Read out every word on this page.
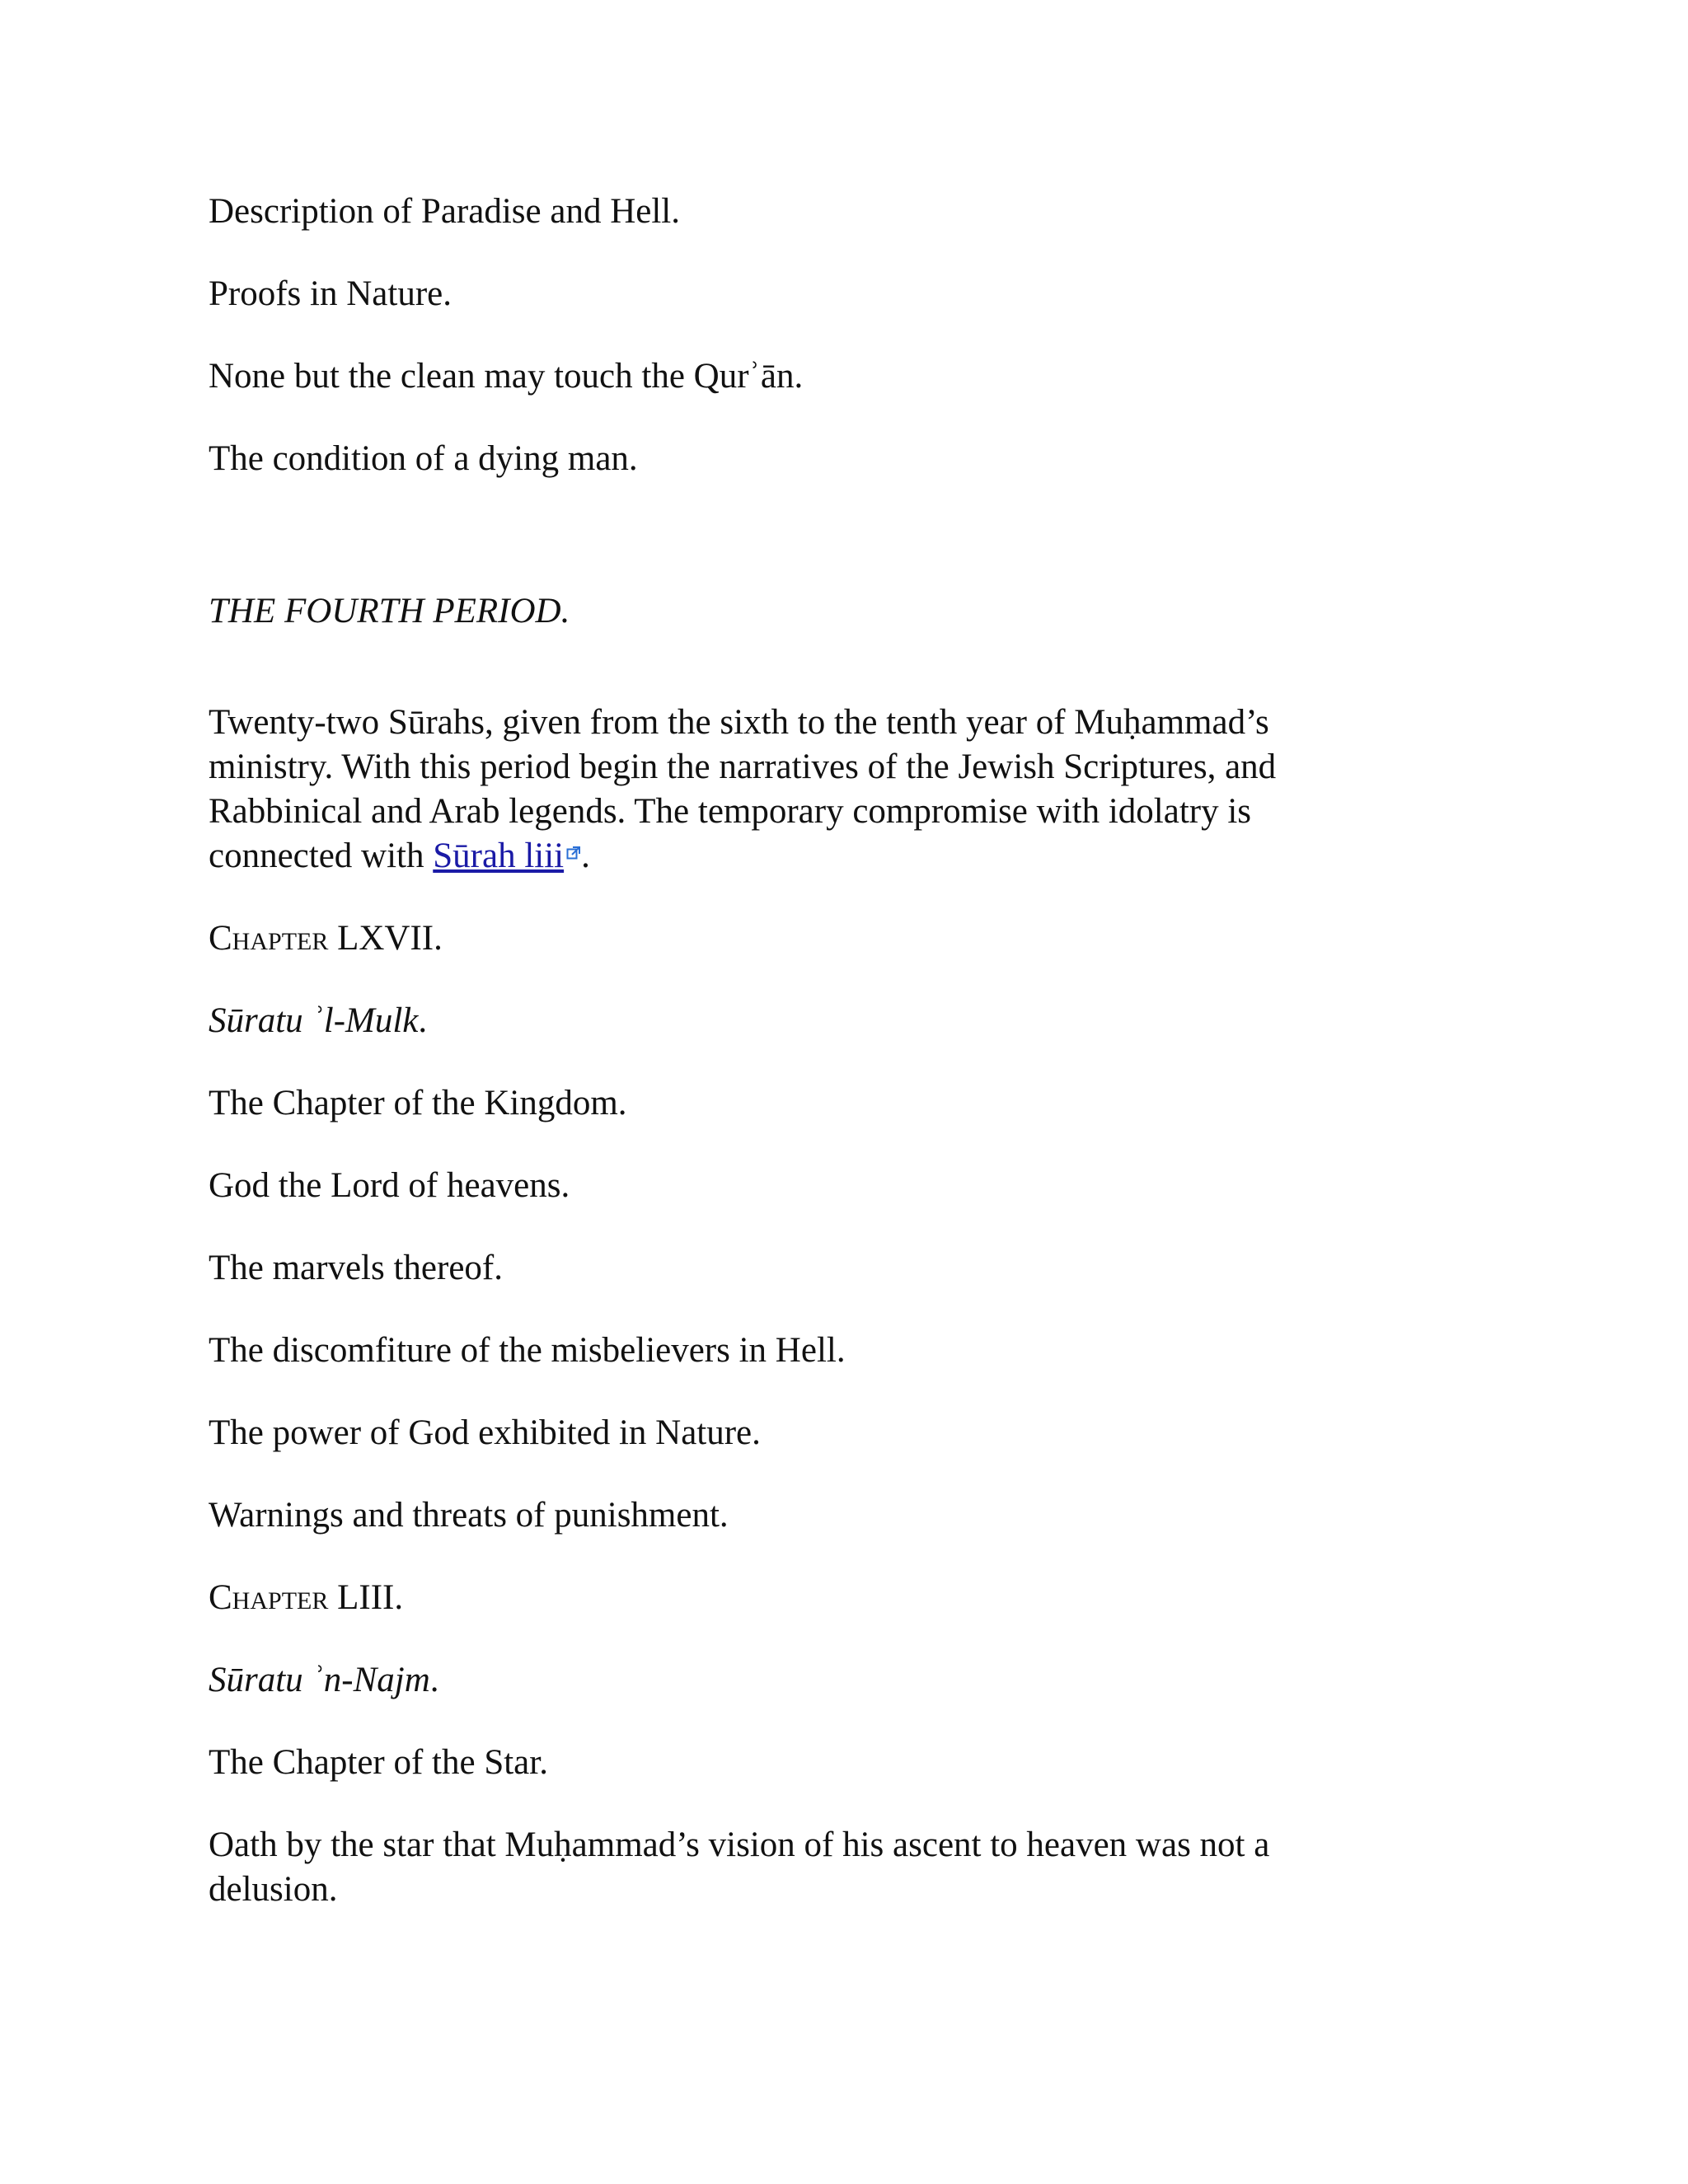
Description of Paradise and Hell.

Proofs in Nature.

None but the clean may touch the Qurʾān.

The condition of a dying man.

THE FOURTH PERIOD.

Twenty-two Sūrahs, given from the sixth to the tenth year of Muḥammad’s ministry. With this period begin the narratives of the Jewish Scriptures, and Rabbinical and Arab legends. The temporary compromise with idolatry is connected with Sūrah liii .

Chapter LXVII.

Sūratu ʾl-Mulk.

The Chapter of the Kingdom.

God the Lord of heavens.

The marvels thereof.

The discomfiture of the misbelievers in Hell.

The power of God exhibited in Nature.

Warnings and threats of punishment.

Chapter LIII.

Sūratu ʾn-Najm.

The Chapter of the Star.

Oath by the star that Muḥammad’s vision of his ascent to heaven was not a delusion.
